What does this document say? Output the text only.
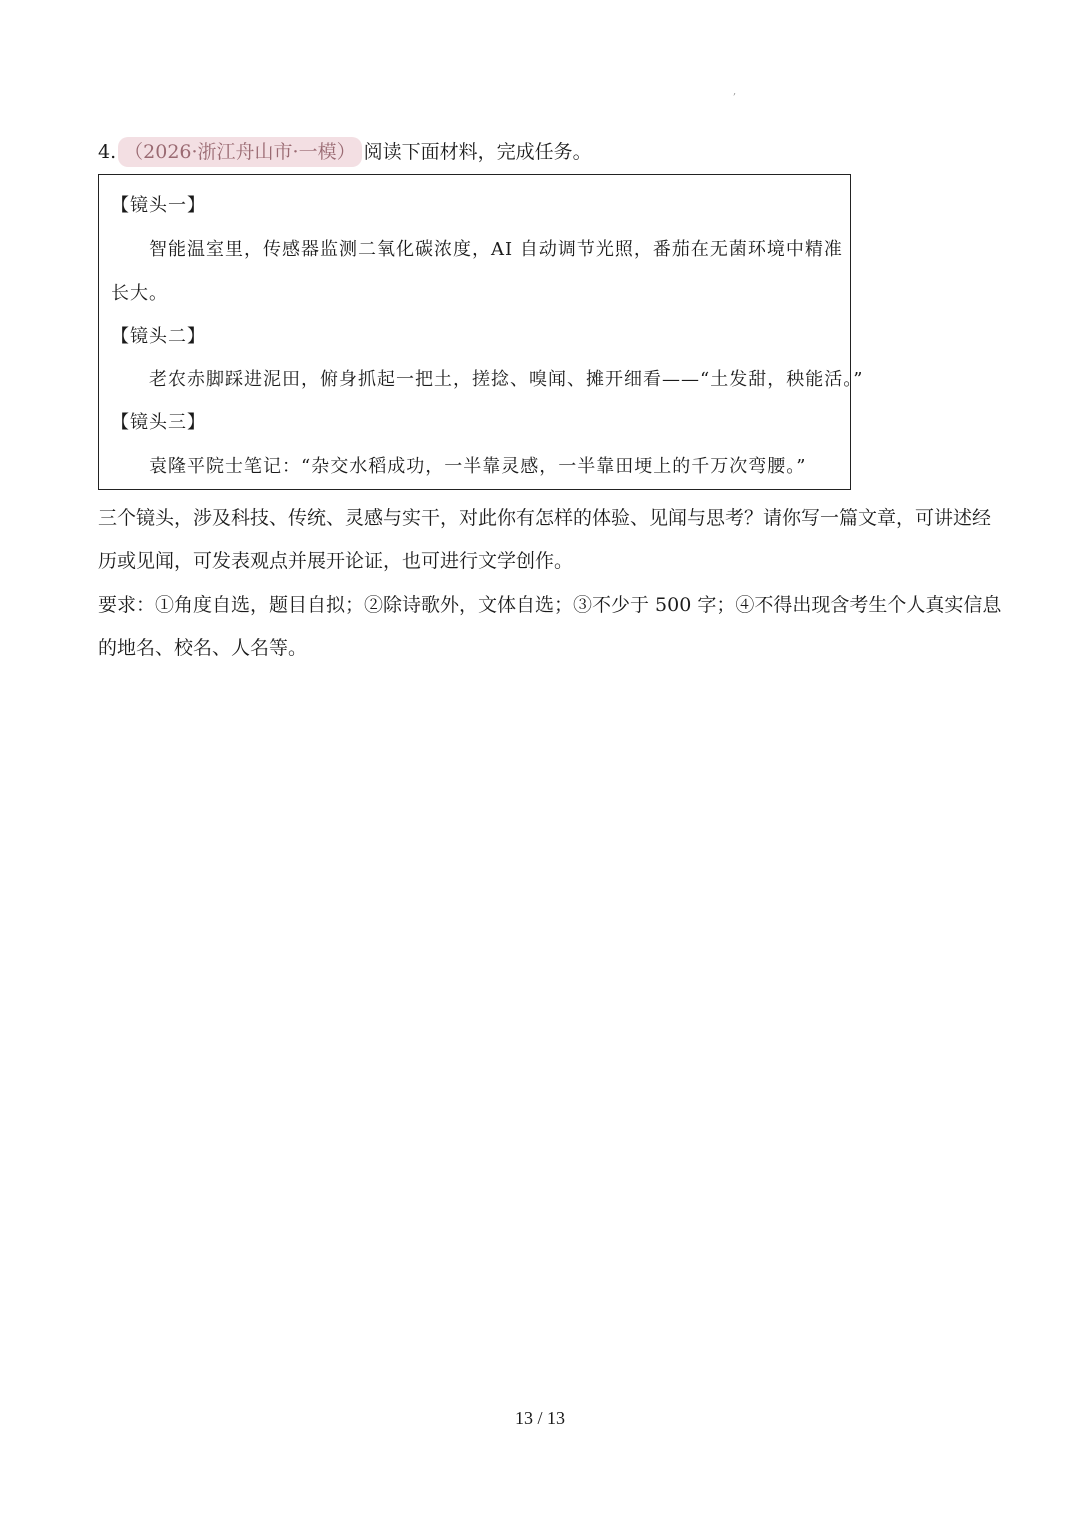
,
4. （2026·浙江舟山市·一模） 阅读下面材料，完成任务。
【镜头一】
智能温室里，传感器监测二氧化碳浓度，AI 自动调节光照，番茄在无菌环境中精准
长大。
【镜头二】
老农赤脚踩进泥田，俯身抓起一把土，搓捻、嗅闻、摊开细看——“土发甜，秧能活。”
【镜头三】
袁隆平院士笔记：“杂交水稻成功，一半靠灵感，一半靠田埂上的千万次弯腰。”
三个镜头，涉及科技、传统、灵感与实干，对此你有怎样的体验、见闻与思考？请你写一篇文章，可讲述经
历或见闻，可发表观点并展开论证，也可进行文学创作。
要求：①角度自选，题目自拟；②除诗歌外，文体自选；③不少于 500 字；④不得出现含考生个人真实信息
的地名、校名、人名等。
13 / 13
